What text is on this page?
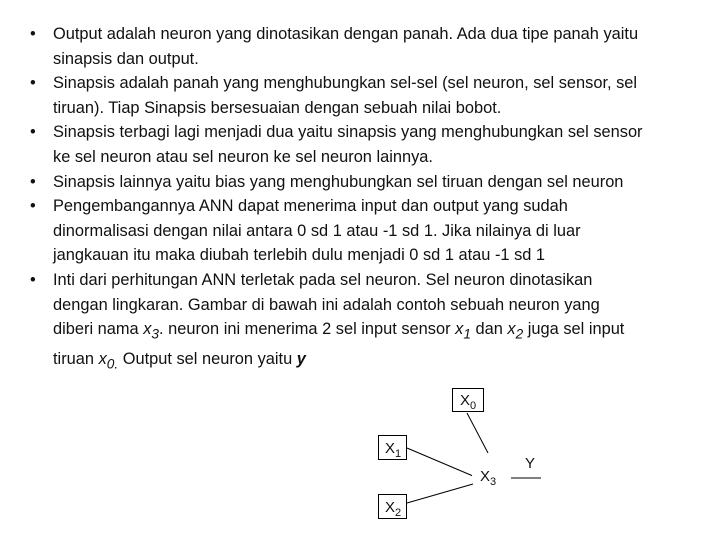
• Output adalah neuron yang dinotasikan dengan panah. Ada dua tipe panah yaitu
sinapsis dan output.
• Sinapsis adalah panah yang menghubungkan sel-sel (sel neuron, sel sensor, sel
tiruan). Tiap Sinapsis bersesuaian dengan sebuah nilai bobot.
• Sinapsis terbagi lagi menjadi dua yaitu sinapsis yang menghubungkan sel sensor
ke sel neuron atau sel neuron ke sel neuron lainnya.
• Sinapsis lainnya yaitu bias yang menghubungkan sel tiruan dengan sel neuron
• Pengembangannya ANN dapat menerima input dan output yang sudah
dinormalisasi dengan nilai antara 0 sd 1 atau -1 sd 1. Jika nilainya di luar
jangkauan itu maka diubah terlebih dulu menjadi 0 sd 1 atau -1 sd 1
• Inti dari perhitungan ANN terletak pada sel neuron. Sel neuron dinotasikan
dengan lingkaran. Gambar di bawah ini adalah contoh sebuah neuron yang
diberi nama $x_3$. neuron ini menerima 2 sel input sensor $x_1$ dan $x_2$ juga sel input
tiruan $x_{0.}$ Output sel neuron yaitu y
$X_0$
$X_1$
$X_2$
$X_3$
Y
